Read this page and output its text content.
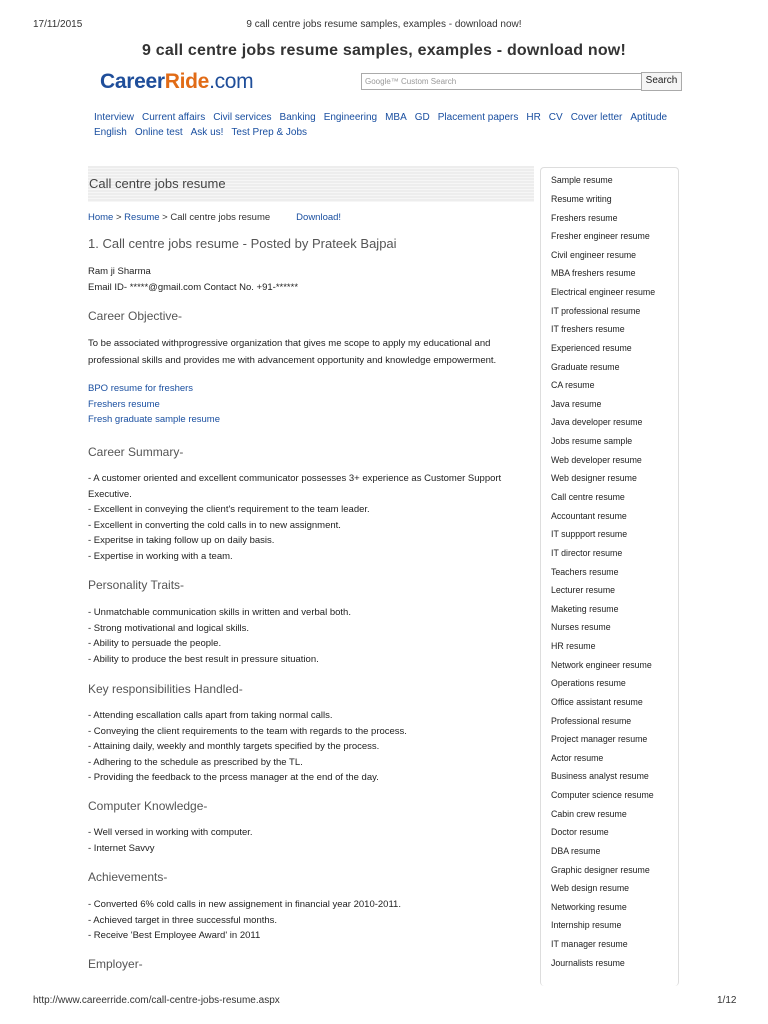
17/11/2015	9 call centre jobs resume samples, examples - download now!
9 call centre jobs resume samples, examples - download now!
CareerRide.com	Google™ Custom Search	Search
Interview Current affairs Civil services Banking Engineering MBA GD Placement papers HR CV Cover letter Aptitude
English Online test Ask us! Test Prep & Jobs
Call centre jobs resume
Home > Resume > Call centre jobs resume	Download!
1. Call centre jobs resume - Posted by Prateek Bajpai
Ram ji Sharma
Email ID- *****@gmail.com Contact No. +91-******
Career Objective-
To be associated withprogressive organization that gives me scope to apply my educational and professional skills and provides me with advancement opportunity and knowledge empowerment.
BPO resume for freshers
Freshers resume
Fresh graduate sample resume
Career Summary-
- A customer oriented and excellent communicator possesses 3+ experience as Customer Support Executive.
- Excellent in conveying the client's requirement to the team leader.
- Excellent in converting the cold calls in to new assignment.
- Experitse in taking follow up on daily basis.
- Expertise in working with a team.
Personality Traits-
- Unmatchable communication skills in written and verbal both.
- Strong motivational and logical skills.
- Ability to persuade the people.
- Ability to produce the best result in pressure situation.
Key responsibilities Handled-
- Attending escallation calls apart from taking normal calls.
- Conveying the client requirements to the team with regards to the process.
- Attaining daily, weekly and monthly targets specified by the process.
- Adhering to the schedule as prescribed by the TL.
- Providing the feedback to the prcess manager at the end of the day.
Computer Knowledge-
- Well versed in working with computer.
- Internet Savvy
Achievements-
- Converted 6% cold calls in new assignement in financial year 2010-2011.
- Achieved target in three successful months.
- Receive 'Best Employee Award' in 2011
Employer-
Sample resume
Resume writing
Freshers resume
Fresher engineer resume
Civil engineer resume
MBA freshers resume
Electrical engineer resume
IT professional resume
IT freshers resume
Experienced resume
Graduate resume
CA resume
Java resume
Java developer resume
Jobs resume sample
Web developer resume
Web designer resume
Call centre resume
Accountant resume
IT suppport resume
IT director resume
Teachers resume
Lecturer resume
Maketing resume
Nurses resume
HR resume
Network engineer resume
Operations resume
Office assistant resume
Professional resume
Project manager resume
Actor resume
Business analyst resume
Computer science resume
Cabin crew resume
Doctor resume
DBA resume
Graphic designer resume
Web design resume
Networking resume
Internship resume
IT manager resume
Journalists resume
http://www.careerride.com/call-centre-jobs-resume.aspx	1/12
